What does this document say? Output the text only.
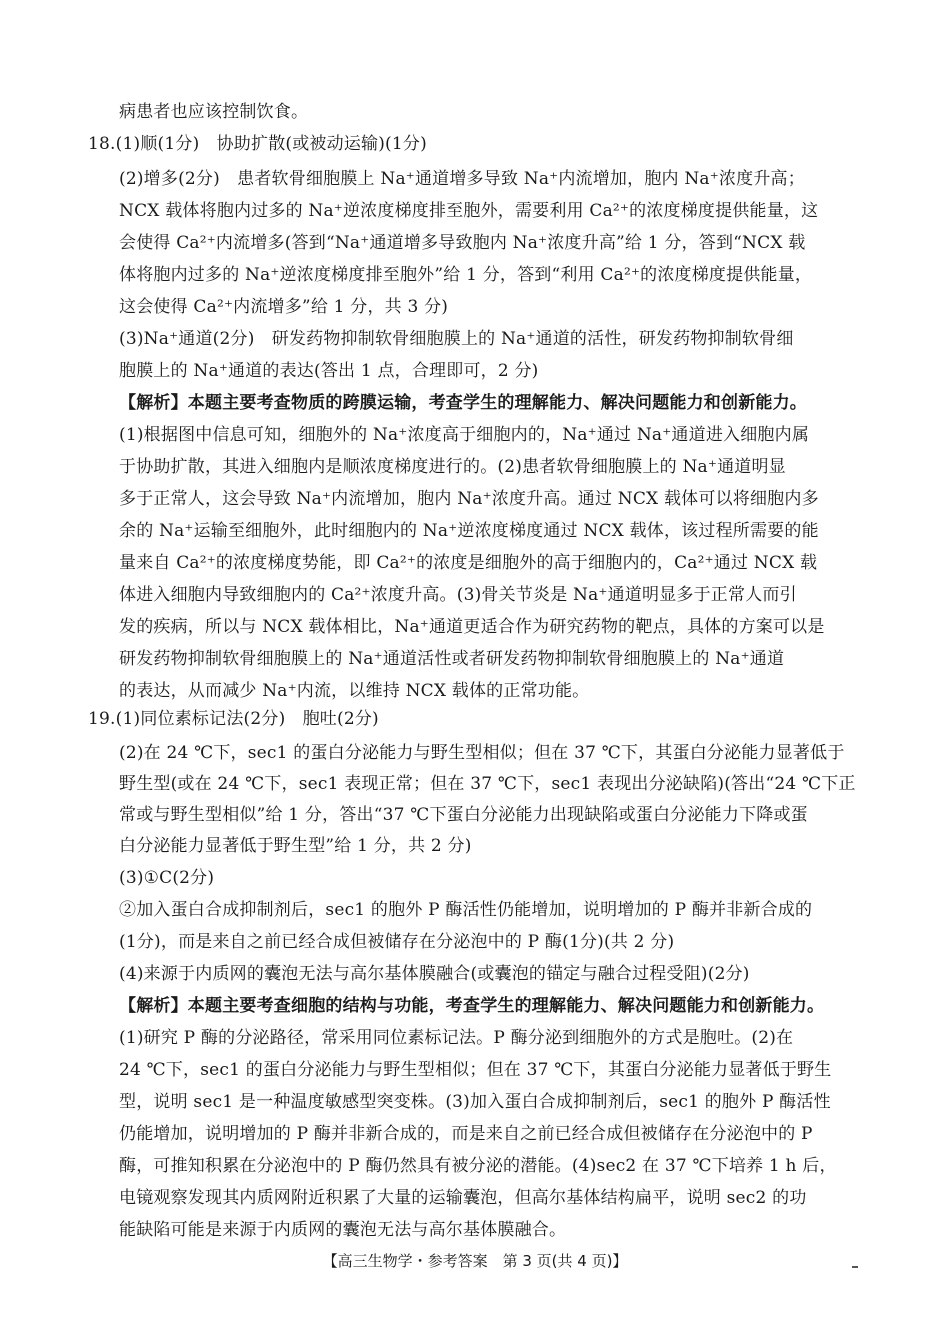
病患者也应该控制饮食。
18.(1)顺(1分)　协助扩散(或被动运输)(1分)
(2)增多(2分)　患者软骨细胞膜上 Na⁺通道增多导致 Na⁺内流增加，胞内 Na⁺浓度升高；
NCX 载体将胞内过多的 Na⁺逆浓度梯度排至胞外，需要利用 Ca²⁺的浓度梯度提供能量，这
会使得 Ca²⁺内流增多(答到“Na⁺通道增多导致胞内 Na⁺浓度升高”给 1 分，答到“NCX 载
体将胞内过多的 Na⁺逆浓度梯度排至胞外”给 1 分，答到“利用 Ca²⁺的浓度梯度提供能量，
这会使得 Ca²⁺内流增多”给 1 分，共 3 分)
(3)Na⁺通道(2分)　研发药物抑制软骨细胞膜上的 Na⁺通道的活性，研发药物抑制软骨细
胞膜上的 Na⁺通道的表达(答出 1 点，合理即可，2 分)
【解析】本题主要考查物质的跨膜运输，考查学生的理解能力、解决问题能力和创新能力。
(1)根据图中信息可知，细胞外的 Na⁺浓度高于细胞内的，Na⁺通过 Na⁺通道进入细胞内属
于协助扩散，其进入细胞内是顺浓度梯度进行的。(2)患者软骨细胞膜上的 Na⁺通道明显
多于正常人，这会导致 Na⁺内流增加，胞内 Na⁺浓度升高。通过 NCX 载体可以将细胞内多
余的 Na⁺运输至细胞外，此时细胞内的 Na⁺逆浓度梯度通过 NCX 载体，该过程所需要的能
量来自 Ca²⁺的浓度梯度势能，即 Ca²⁺的浓度是细胞外的高于细胞内的，Ca²⁺通过 NCX 载
体进入细胞内导致细胞内的 Ca²⁺浓度升高。(3)骨关节炎是 Na⁺通道明显多于正常人而引
发的疾病，所以与 NCX 载体相比，Na⁺通道更适合作为研究药物的靶点，具体的方案可以是
研发药物抑制软骨细胞膜上的 Na⁺通道活性或者研发药物抑制软骨细胞膜上的 Na⁺通道
的表达，从而减少 Na⁺内流，以维持 NCX 载体的正常功能。
19.(1)同位素标记法(2分)　胞吐(2分)
(2)在 24 ℃下，sec1 的蛋白分泌能力与野生型相似；但在 37 ℃下，其蛋白分泌能力显著低于
野生型(或在 24 ℃下，sec1 表现正常；但在 37 ℃下，sec1 表现出分泌缺陷)(答出“24 ℃下正
常或与野生型相似”给 1 分，答出“37 ℃下蛋白分泌能力出现缺陷或蛋白分泌能力下降或蛋
白分泌能力显著低于野生型”给 1 分，共 2 分)
(3)①C(2分)
②加入蛋白合成抑制剂后，sec1 的胞外 P 酶活性仍能增加，说明增加的 P 酶并非新合成的
(1分)，而是来自之前已经合成但被储存在分泌泡中的 P 酶(1分)(共 2 分)
(4)来源于内质网的囊泡无法与高尔基体膜融合(或囊泡的锚定与融合过程受阻)(2分)
【解析】本题主要考查细胞的结构与功能，考查学生的理解能力、解决问题能力和创新能力。
(1)研究 P 酶的分泌路径，常采用同位素标记法。P 酶分泌到细胞外的方式是胞吐。(2)在
24 ℃下，sec1 的蛋白分泌能力与野生型相似；但在 37 ℃下，其蛋白分泌能力显著低于野生
型，说明 sec1 是一种温度敏感型突变株。(3)加入蛋白合成抑制剂后，sec1 的胞外 P 酶活性
仍能增加，说明增加的 P 酶并非新合成的，而是来自之前已经合成但被储存在分泌泡中的 P
酶，可推知积累在分泌泡中的 P 酶仍然具有被分泌的潜能。(4)sec2 在 37 ℃下培养 1 h 后，
电镜观察发现其内质网附近积累了大量的运输囊泡，但高尔基体结构扁平，说明 sec2 的功
能缺陷可能是来源于内质网的囊泡无法与高尔基体膜融合。
【高三生物学・参考答案　第 3 页(共 4 页)】
